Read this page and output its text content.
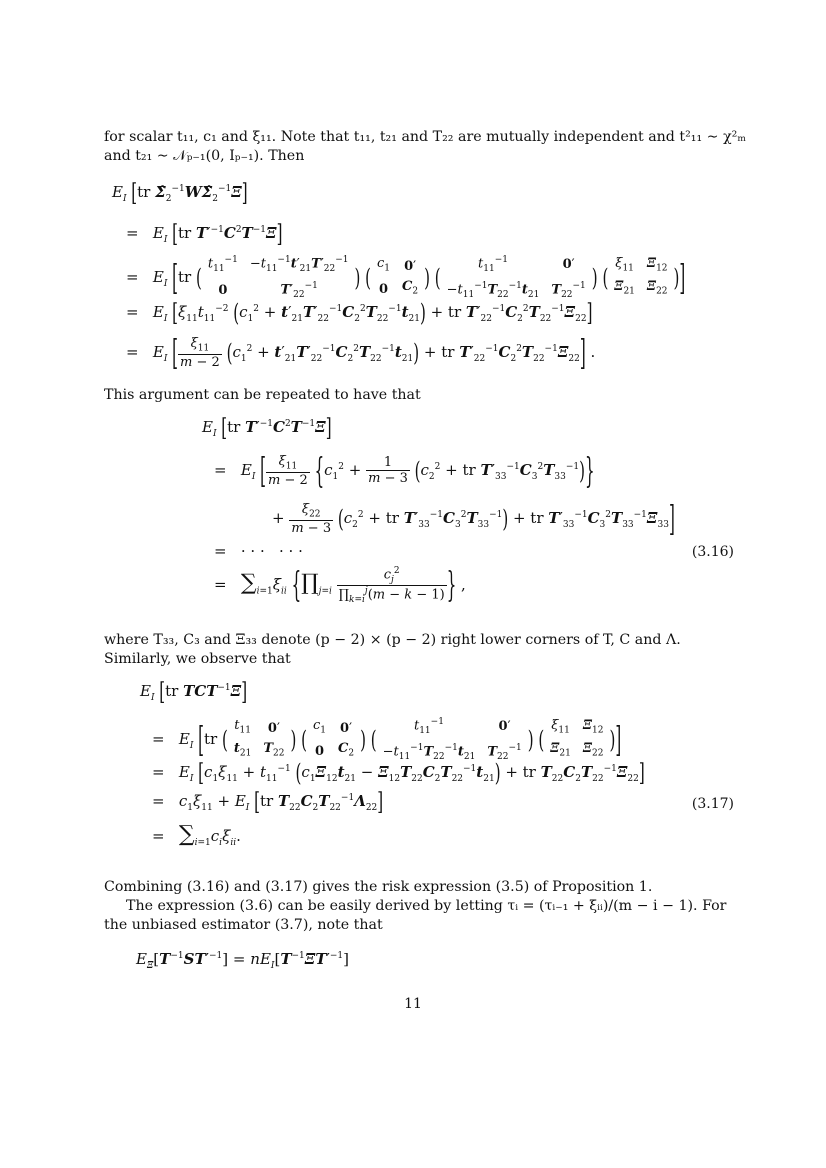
for scalar t₁₁, c₁ and ξ₁₁. Note that t₁₁, t₂₁ and T₂₂ are mutually independent and t²₁₁ ∼ χ²ₘ
and t₂₁ ∼ 𝒩ₚ₋₁(0, Iₚ₋₁). Then
$E_I$ [tr $\Sigmâ_2^{-1}W\Sigmâ_2^{-1}\Xi$]
=   $E_I$ [tr $T'^{-1}C^2T^{-1}\Xi$]
=   $E_I$ [tr ( $t_{11}^{-1}$	$-t_{11}^{-1}t'_{21}T'_{22}^{-1}$
0	$T'_{22}^{-1}$ ) ( $c_1$	0′
0	$C_2$ ) (	$t_{11}^{-1}$	0′
$-t_{11}^{-1}T_{22}^{-1}t_{21}$	$T_{22}^{-1}$ ) ( $\xi_{11}$	$\Xi_{12}$
$\Xi_{21}$	$\Xi_{22}$ )]
=   $E_I$ [$\xi_{11}t_{11}^{-2}$ $(c_1^2 + t'_{21}T'_{22}^{-1}C_2^2T_{22}^{-1}t_{21})$ + tr $T'_{22}^{-1}C_2^2T_{22}^{-1}\Xi_{22}$]
=   $E_I$ [ $\frac{\xi_{11}}{m - 2} (c_1^2 + t'_{21}T'_{22}^{-1}C_2^2T_{22}^{-1}t_{21})$ + tr $T'_{22}^{-1}C_2^2T_{22}^{-1}\Xi_{22}$] .
This argument can be repeated to have that
$E_I$ [tr $T'^{-1}C^2T^{-1}\Xi$]
=   $E_I$ [ $\frac{\xi_{11}}{m - 2} \{c_1^2 + \frac{1}{m - 3} (c_2^2$ + tr $T'_{33}^{-1}C_3^2T_{33}^{-1}$)}
+ $\frac{\xi_{22}}{m - 3} (c_2^2$ + tr $T'_{33}^{-1}C_3^2T_{33}^{-1}$) + tr $T'_{33}^{-1}C_3^2T_{33}^{-1}\Xi_{33}$]
=   · · ·   · · ·	(3.16)
=   $\sum_{i=1}\xi_{ii}$ {$\prod_{j=i} \frac{c_j^2}{\prod_{k=i}^j(m - k - 1)}$ } ,
where T₃₃, C₃ and Ξ₃₃ denote (p − 2) × (p − 2) right lower corners of T, C and Λ.
Similarly, we observe that
$E_I$ [tr $TCT^{-1}\Xi$]
=   $E_I$ [tr ( $t_{11}$	0′
$t_{21}$	$T_{22}$ ) ( $c_1$	0′
0	$C_2$ ) (	$t_{11}^{-1}$	0′
$-t_{11}^{-1}T_{22}^{-1}t_{21}$	$T_{22}^{-1}$ ) ( $\xi_{11}$	$\Xi_{12}$
$\Xi_{21}$	$\Xi_{22}$ )]
=   $E_I$ [$c_1\xi_{11} + t_{11}^{-1}$ $(c_1\Xi_{12}t_{21} - \Xi_{12}T_{22}C_2T_{22}^{-1}t_{21})$ + tr $T_{22}C_2T_{22}^{-1}\Xi_{22}$]
=   $c_1\xi_{11} + E_I$ [tr $T_{22}C_2T_{22}^{-1}\Lambda_{22}$]	(3.17)
=   $\sum_{i=1}c_i\xi_{ii}$.
Combining (3.16) and (3.17) gives the risk expression (3.5) of Proposition 1.
The expression (3.6) can be easily derived by letting τᵢ = (τᵢ₋₁ + ξᵢᵢ)/(m − i − 1). For
the unbiased estimator (3.7), note that
$E_\Xi[T^{-1}ST'^{-1}] = nE_I[T^{-1}\Xi T'^{-1}]$
11
